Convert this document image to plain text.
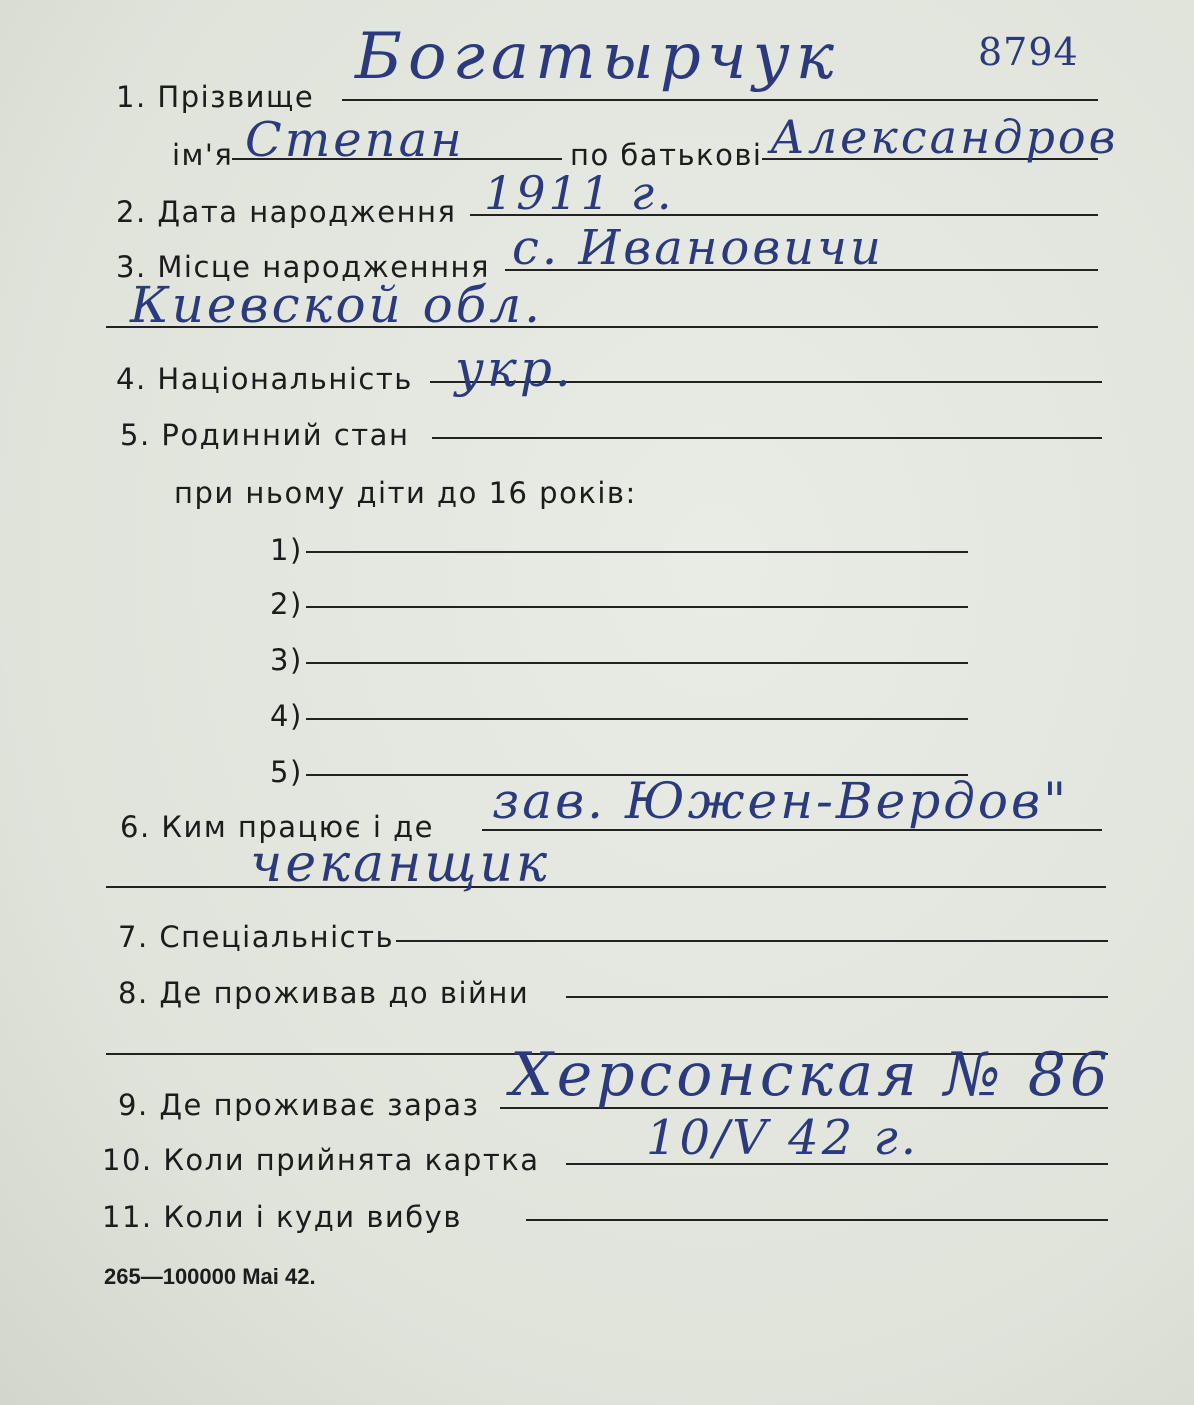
1. Прізвище
Богатырчук	8794
ім'я Степан	по батькові Александров
2. Дата народження 1911 г.
3. Місце народженння с. Ивановичи
Киевской обл.
4. Національність укр.
5. Родинний стан
при ньому діти до 16 років:
1)
2)
3)
4)
5)
6. Ким працює і де зав. Южен-Вердов"
чеканщик
7. Спеціальність
8. Де проживав до війни
9. Де проживає зараз Херсонская № 86
10. Коли прийнята картка 10/V 42 г.
11. Коли і куди вибув
265—100000 Mai 42.
